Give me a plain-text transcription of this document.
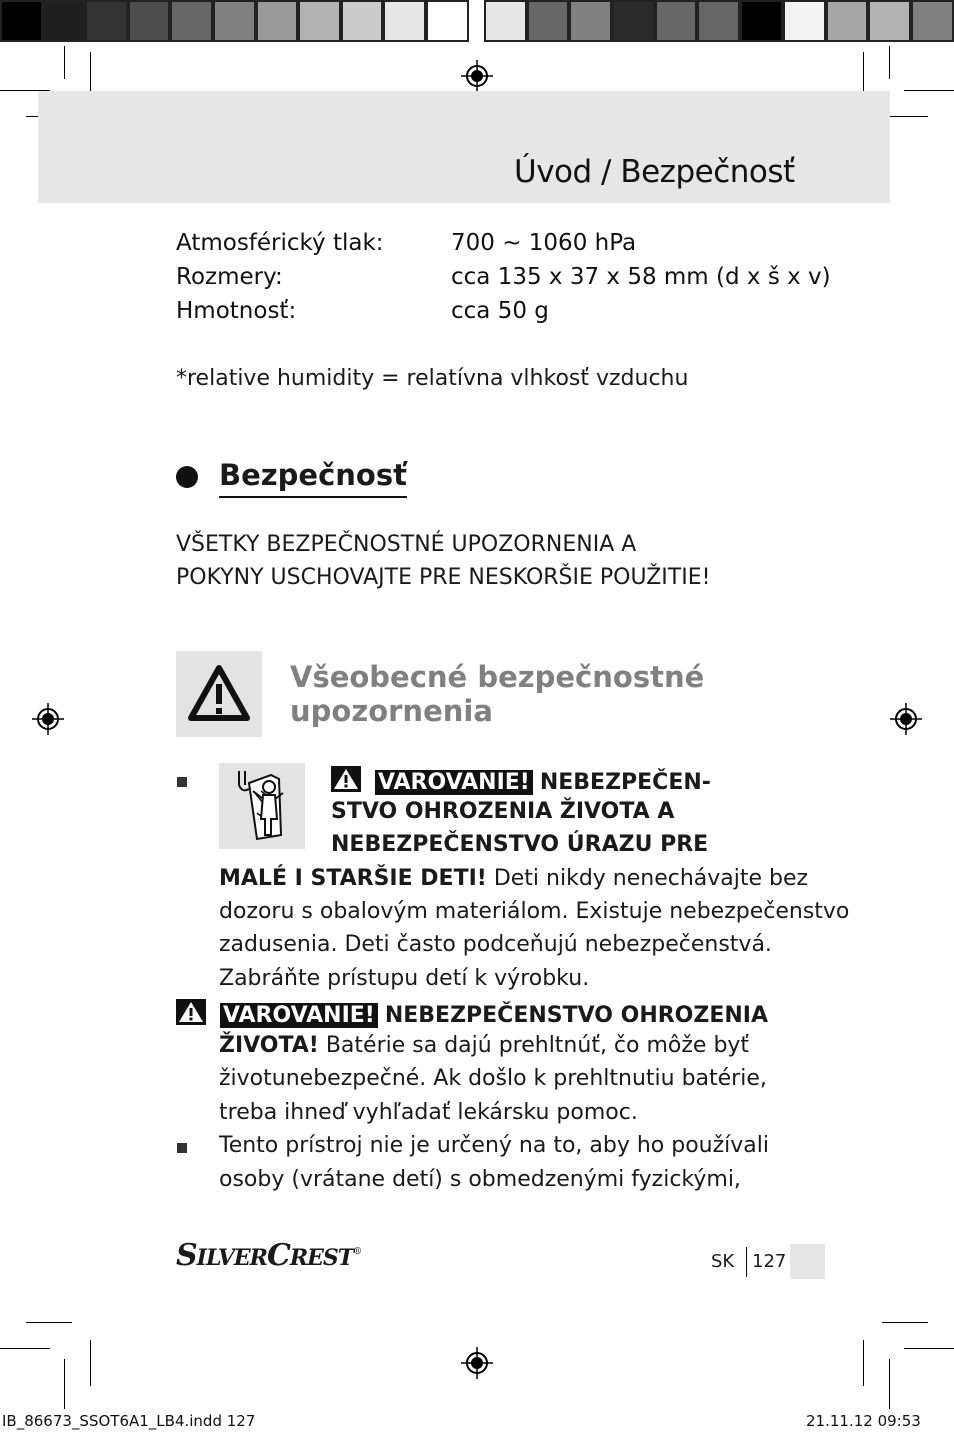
Úvod / Bezpečnosť
Atmosférický tlak:	700 ~ 1060 hPa
Rozmery:	cca 135 x 37 x 58 mm (d x š x v)
Hmotnosť:	cca 50 g
*relative humidity = relatívna vlhkosť vzduchu
Bezpečnosť
VŠETKY BEZPEČNOSTNÉ UPOZORNENIA A
POKYNY USCHOVAJTE PRE NESKORŠIE POUŽITIE!
Všeobecné bezpečnostné
upozornenia
VAROVANIE! NEBEZPEČEN-
STVO OHROZENIA ŽIVOTA A
NEBEZPEČENSTVO ÚRAZU PRE
MALÉ I STARŠIE DETI! Deti nikdy nenechávajte bez
dozoru s obalovým materiálom. Existuje nebezpečenstvo
zadusenia. Deti často podceňujú nebezpečenstvá.
Zabráňte prístupu detí k výrobku.
VAROVANIE! NEBEZPEČENSTVO OHROZENIA
ŽIVOTA! Batérie sa dajú prehltnúť, čo môže byť
životunebezpečné. Ak došlo k prehltnutiu batérie,
treba ihneď vyhľadať lekársku pomoc.
Tento prístroj nie je určený na to, aby ho používali
osoby (vrátane detí) s obmedzenými fyzickými,
SILVERCREST®	SK 127
IB_86673_SSOT6A1_LB4.indd 127	21.11.12 09:53
